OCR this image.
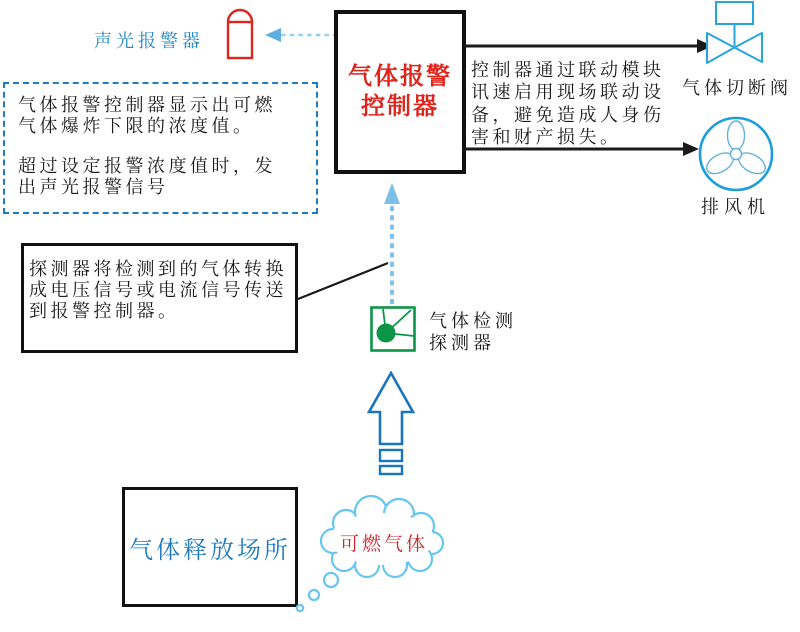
声光报警器
气体报警控制器显示出可燃
气体爆炸下限的浓度值。
超过设定报警浓度值时，发
出声光报警信号
气体报警
控制器
控制器通过联动模块
讯速启用现场联动设
备，避免造成人身伤
害和财产损失。
气体切断阀
排风机
探测器将检测到的气体转换
成电压信号或电流信号传送
到报警控制器。	气体检测
探测器
气体释放场所	可燃气体
